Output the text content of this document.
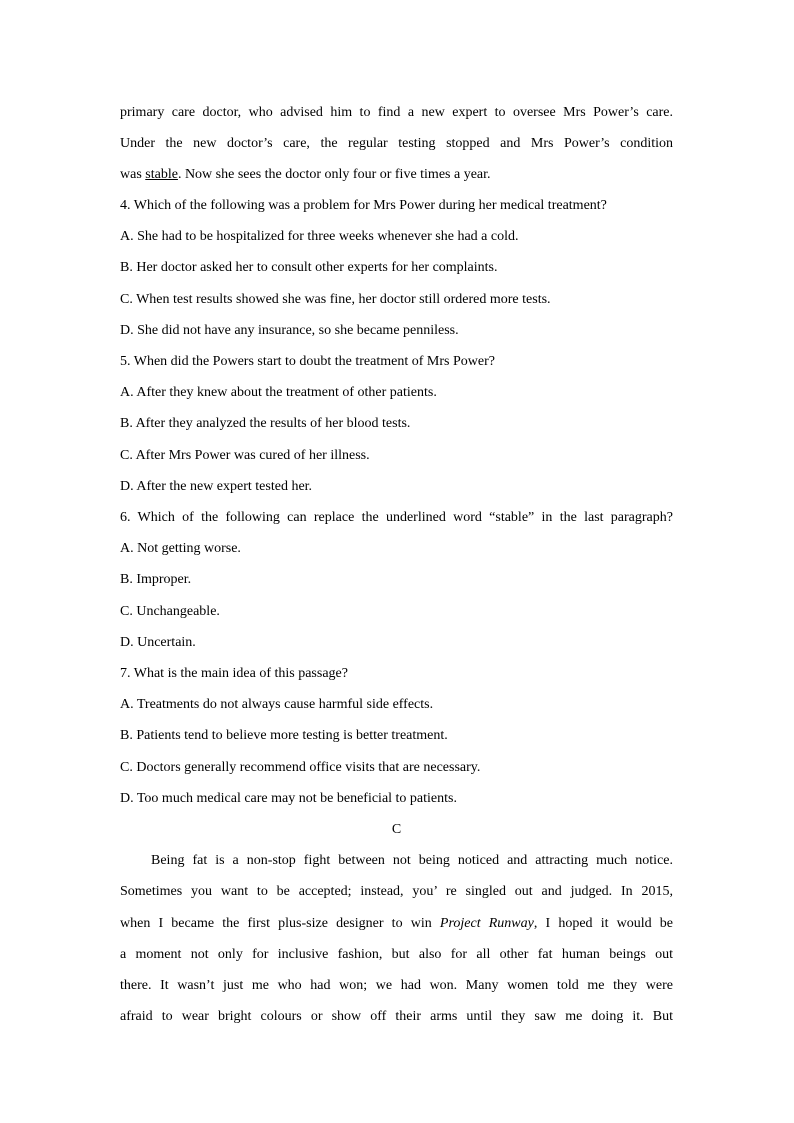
primary care doctor, who advised him to find a new expert to oversee Mrs Power’s care.
Under the new doctor’s care, the regular testing stopped and Mrs Power’s condition
was stable. Now she sees the doctor only four or five times a year.
4. Which of the following was a problem for Mrs Power during her medical treatment?
A. She had to be hospitalized for three weeks whenever she had a cold.
B. Her doctor asked her to consult other experts for her complaints.
C. When test results showed she was fine, her doctor still ordered more tests.
D. She did not have any insurance, so she became penniless.
5. When did the Powers start to doubt the treatment of Mrs Power?
A. After they knew about the treatment of other patients.
B. After they analyzed the results of her blood tests.
C. After Mrs Power was cured of her illness.
D. After the new expert tested her.
6. Which of the following can replace the underlined word “stable” in the last paragraph?
A. Not getting worse.
B. Improper.
C. Unchangeable.
D. Uncertain.
7. What is the main idea of this passage?
A. Treatments do not always cause harmful side effects.
B. Patients tend to believe more testing is better treatment.
C. Doctors generally recommend office visits that are necessary.
D. Too much medical care may not be beneficial to patients.
C
Being fat is a non-stop fight between not being noticed and attracting much notice.
Sometimes you want to be accepted; instead, you’ re singled out and judged. In 2015,
when I became the first plus-size designer to win Project Runway, I hoped it would be
a moment not only for inclusive fashion, but also for all other fat human beings out
there. It wasn’t just me who had won; we had won. Many women told me they were
afraid to wear bright colours or show off their arms until they saw me doing it. But
